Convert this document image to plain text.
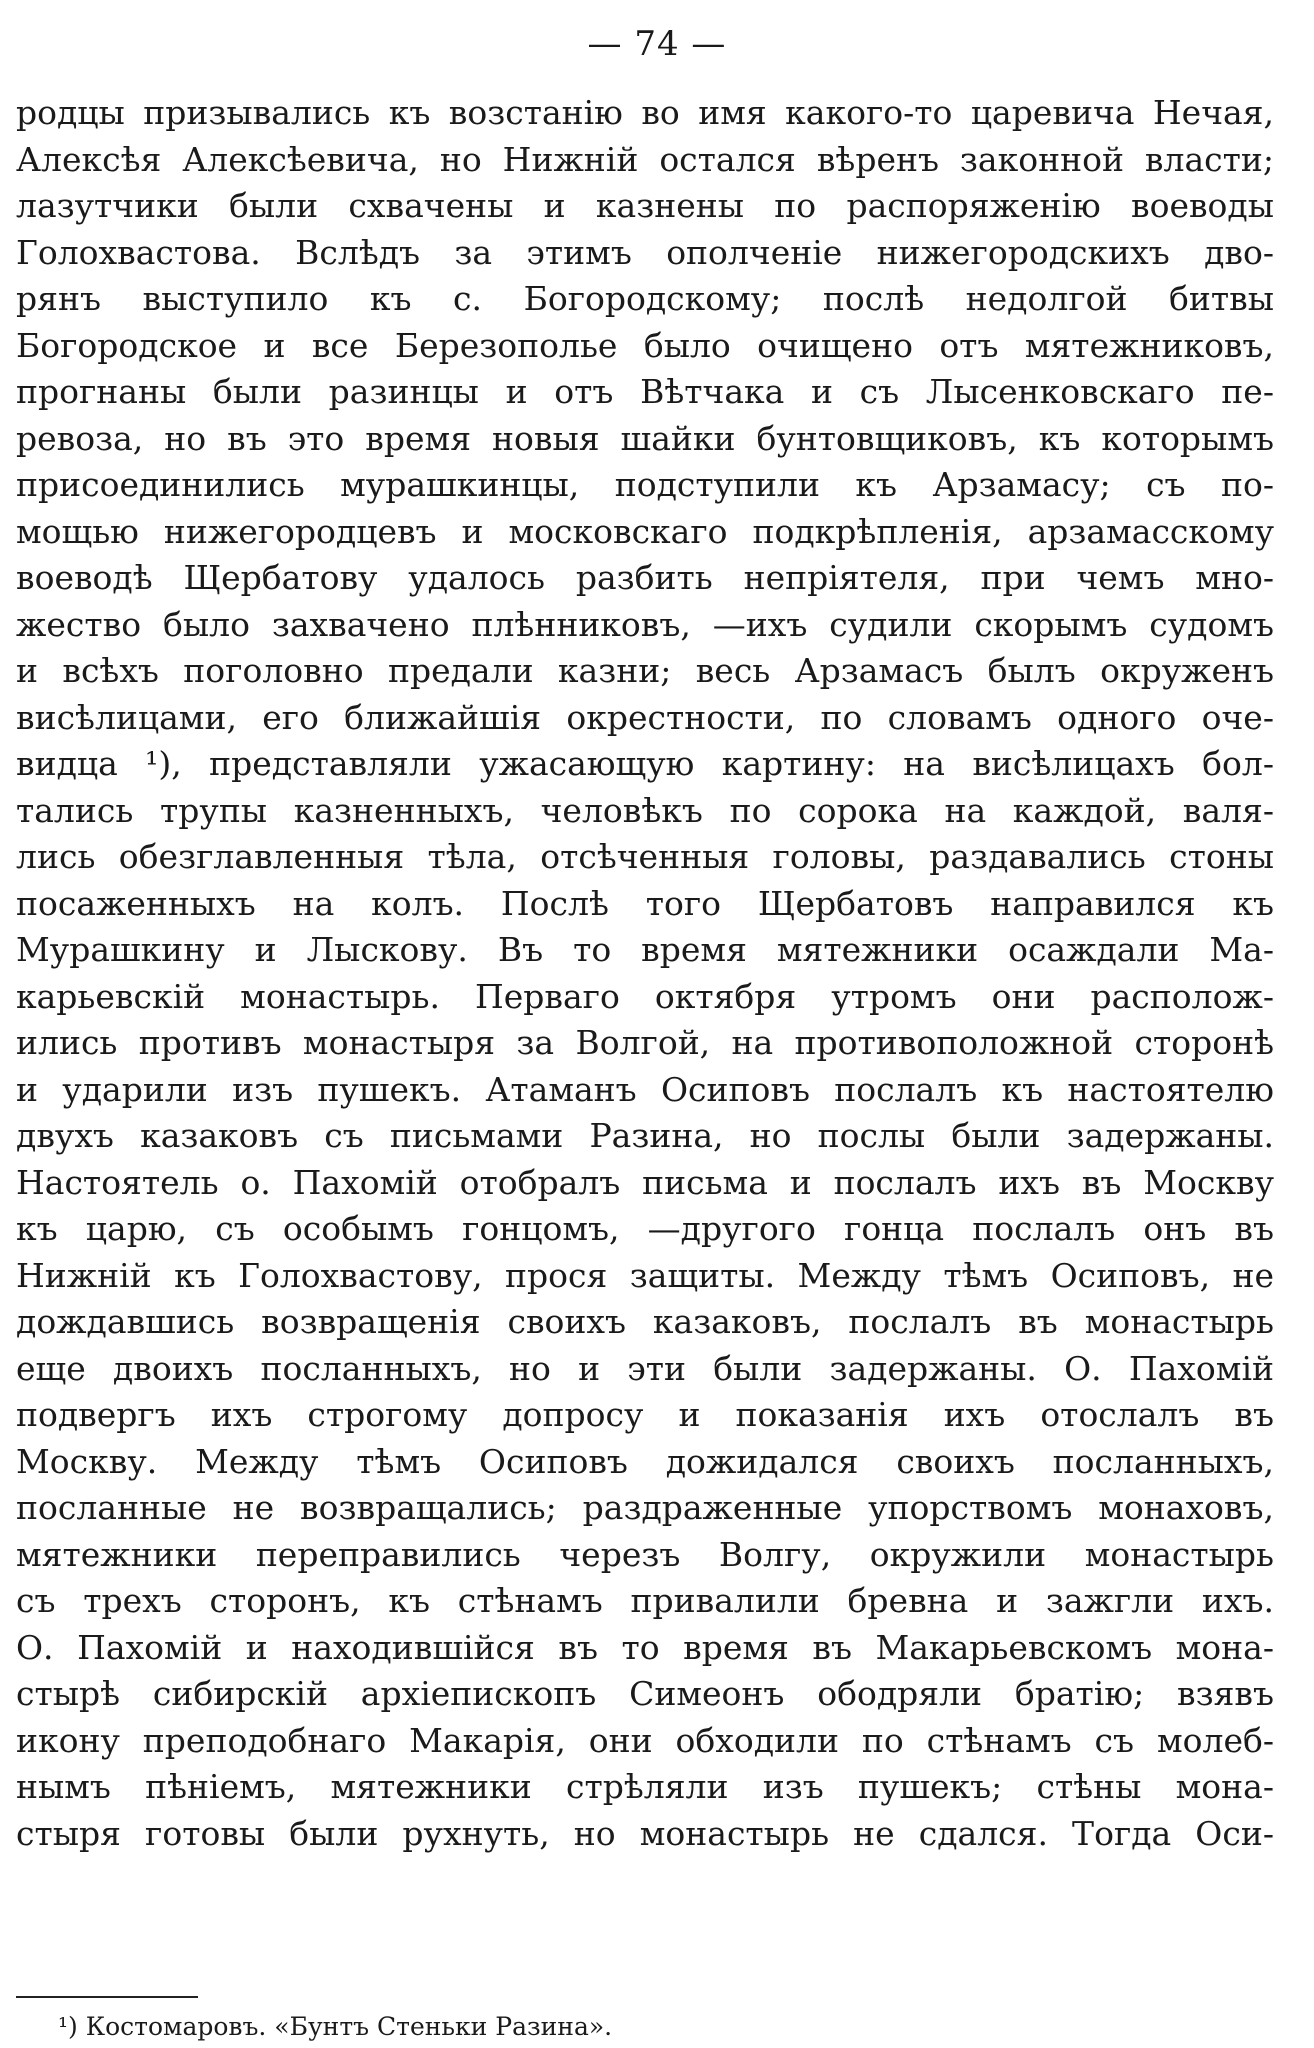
— 74 —
родцы призывались къ возстанію во имя какого-то царевича Нечая,
Алексѣя Алексѣевича, но Нижній остался вѣренъ законной власти;
лазутчики были схвачены и казнены по распоряженію воеводы
Голохвастова. Вслѣдъ за этимъ ополченіе нижегородскихъ дво-
рянъ выступило къ с. Богородскому; послѣ недолгой битвы
Богородское и все Березополье было очищено отъ мятежниковъ,
прогнаны были разинцы и отъ Вѣтчака и съ Лысенковскаго пе-
ревоза, но въ это время новыя шайки бунтовщиковъ, къ которымъ
присоединились мурашкинцы, подступили къ Арзамасу; съ по-
мощью нижегородцевъ и московскаго подкрѣпленія, арзамасскому
воеводѣ Щербатову удалось разбить непріятеля, при чемъ мно-
жество было захвачено плѣнниковъ, —ихъ судили скорымъ судомъ
и всѣхъ поголовно предали казни; весь Арзамасъ былъ окруженъ
висѣлицами, его ближайшія окрестности, по словамъ одного оче-
видца ¹), представляли ужасающую картину: на висѣлицахъ бол-
тались трупы казненныхъ, человѣкъ по сорока на каждой, валя-
лись обезглавленныя тѣла, отсѣченныя головы, раздавались стоны
посаженныхъ на колъ. Послѣ того Щербатовъ направился къ
Мурашкину и Лыскову. Въ то время мятежники осаждали Ма-
карьевскій монастырь. Перваго октября утромъ они располож-
ились противъ монастыря за Волгой, на противоположной сторонѣ
и ударили изъ пушекъ. Атаманъ Осиповъ послалъ къ настоятелю
двухъ казаковъ съ письмами Разина, но послы были задержаны.
Настоятель о. Пахомій отобралъ письма и послалъ ихъ въ Москву
къ царю, съ особымъ гонцомъ, —другого гонца послалъ онъ въ
Нижній къ Голохвастову, прося защиты. Между тѣмъ Осиповъ, не
дождавшись возвращенія своихъ казаковъ, послалъ въ монастырь
еще двоихъ посланныхъ, но и эти были задержаны. О. Пахомій
подвергъ ихъ строгому допросу и показанія ихъ отослалъ въ
Москву. Между тѣмъ Осиповъ дожидался своихъ посланныхъ,
посланные не возвращались; раздраженные упорствомъ монаховъ,
мятежники переправились черезъ Волгу, окружили монастырь
съ трехъ сторонъ, къ стѣнамъ привалили бревна и зажгли ихъ.
О. Пахомій и находившійся въ то время въ Макарьевскомъ мона-
стырѣ сибирскій архіепископъ Симеонъ ободряли братію; взявъ
икону преподобнаго Макарія, они обходили по стѣнамъ съ молеб-
нымъ пѣніемъ, мятежники стрѣляли изъ пушекъ; стѣны мона-
стыря готовы были рухнуть, но монастырь не сдался. Тогда Оси-
¹) Костомаровъ. «Бунтъ Стеньки Разина».
